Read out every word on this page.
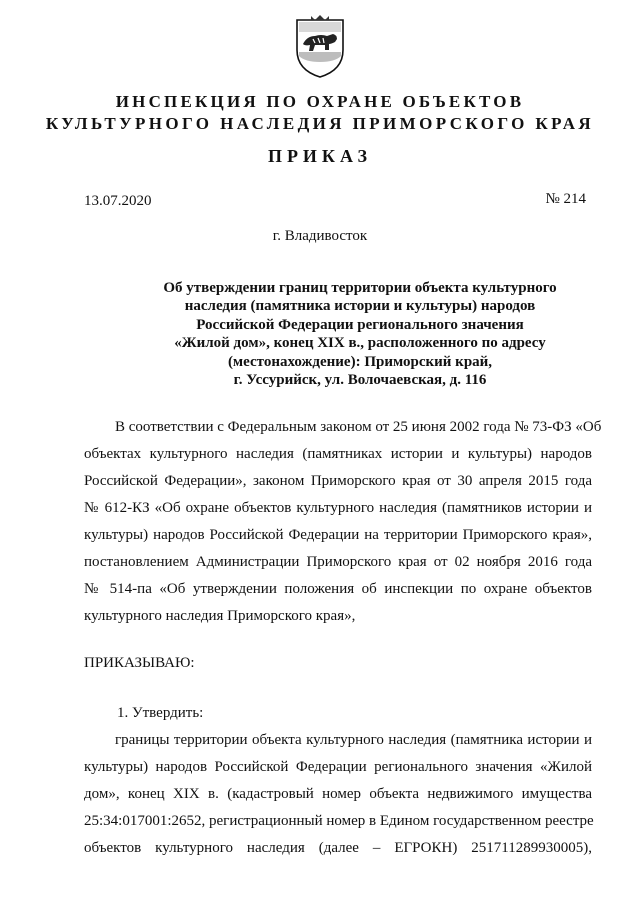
ИНСПЕКЦИЯ ПО ОХРАНЕ ОБЪЕКТОВ
КУЛЬТУРНОГО НАСЛЕДИЯ ПРИМОРСКОГО КРАЯ
ПРИКАЗ
13.07.2020	№ 214
г. Владивосток
Об утверждении границ территории объекта культурного
наследия (памятника истории и культуры) народов
Российской Федерации регионального значения
«Жилой дом», конец XIX в., расположенного по адресу
(местонахождение): Приморский край,
г. Уссурийск, ул. Волочаевская, д. 116
В соответствии с Федеральным законом от 25 июня 2002 года № 73-ФЗ «Об
объектах культурного наследия (памятниках истории и культуры) народов
Российской Федерации», законом Приморского края от 30 апреля 2015 года
№ 612-КЗ «Об охране объектов культурного наследия (памятников истории и
культуры) народов Российской Федерации на территории Приморского края»,
постановлением Администрации Приморского края от 02 ноября 2016 года
№ 514-па «Об утверждении положения об инспекции по охране объектов
культурного наследия Приморского края»,
ПРИКАЗЫВАЮ:
1. Утвердить:
границы территории объекта культурного наследия (памятника истории и
культуры) народов Российской Федерации регионального значения «Жилой
дом», конец XIX в. (кадастровый номер объекта недвижимого имущества
25:34:017001:2652, регистрационный номер в Едином государственном реестре
объектов культурного наследия (далее – ЕГРОКН) 251711289930005),
